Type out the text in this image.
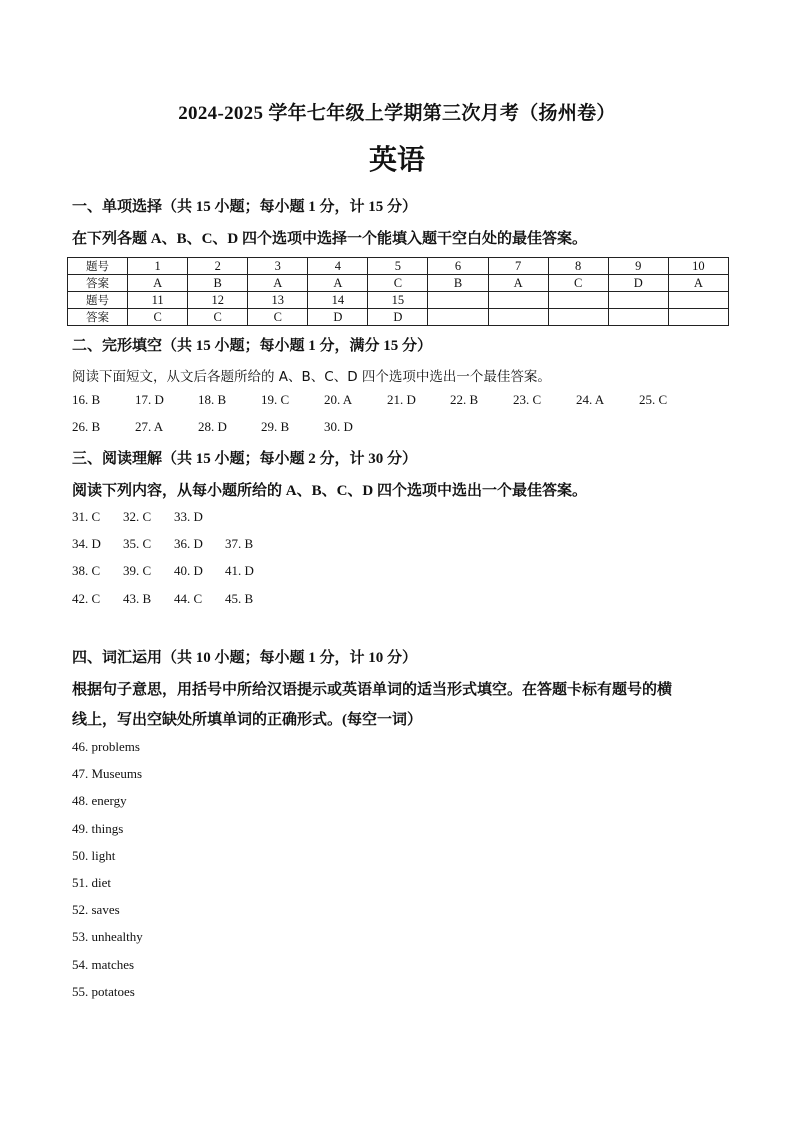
2024-2025 学年七年级上学期第三次月考（扬州卷）
英语
一、单项选择（共 15 小题；每小题 1 分，计 15 分）
在下列各题 A、B、C、D 四个选项中选择一个能填入题干空白处的最佳答案。
题号	1	2	3	4	5	6	7	8	9	10
答案	A	B	A	A	C	B	A	C	D	A
题号	11	12	13	14	15					
答案	C	C	C	D	D					
二、完形填空（共 15 小题；每小题 1 分，满分 15 分）
阅读下面短文，从文后各题所给的 A、B、C、D 四个选项中选出一个最佳答案。
16. B	17. D	18. B	19. C	20. A	21. D	22. B	23. C	24. A	25. C
26. B	27. A	28. D	29. B	30. D
三、阅读理解（共 15 小题；每小题 2 分，计 30 分）
阅读下列内容，从每小题所给的 A、B、C、D 四个选项中选出一个最佳答案。
31. C	32. C	33. D
34. D	35. C	36. D	37. B
38. C	39. C	40. D	41. D
42. C	43. B	44. C	45. B
四、词汇运用（共 10 小题；每小题 1 分，计 10 分）
根据句子意思，用括号中所给汉语提示或英语单词的适当形式填空。在答题卡标有题号的横
线上，写出空缺处所填单词的正确形式。(每空一词）
46. problems
47. Museums
48. energy
49. things
50. light
51. diet
52. saves
53. unhealthy
54. matches
55. potatoes
